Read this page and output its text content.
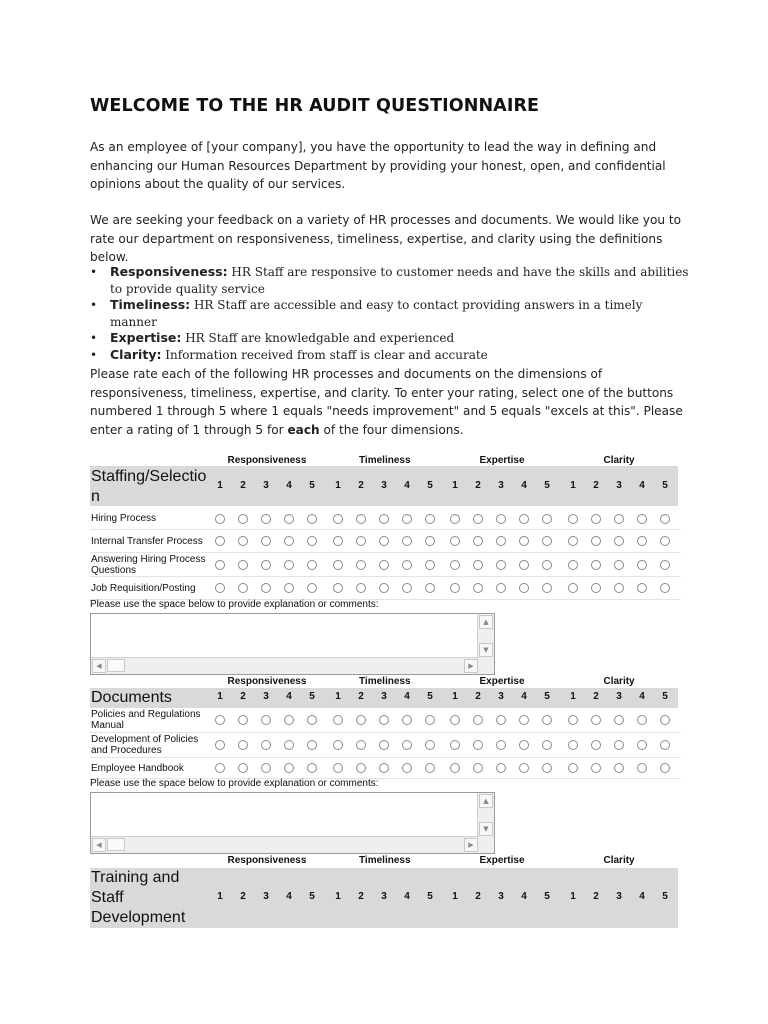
WELCOME TO THE HR AUDIT QUESTIONNAIRE

As an employee of [your company], you have the opportunity to lead the way in defining and enhancing our Human Resources Department by providing your honest, open, and confidential opinions about the quality of our services.

We are seeking your feedback on a variety of HR processes and documents. We would like you to rate our department on responsiveness, timeliness, expertise, and clarity using the definitions below.

• Responsiveness: HR Staff are responsive to customer needs and have the skills and abilities to provide quality service
• Timeliness: HR Staff are accessible and easy to contact providing answers in a timely manner
• Expertise: HR Staff are knowledgable and experienced
• Clarity: Information received from staff is clear and accurate

Please rate each of the following HR processes and documents on the dimensions of responsiveness, timeliness, expertise, and clarity. To enter your rating, select one of the buttons numbered 1 through 5 where 1 equals "needs improvement" and 5 equals "excels at this". Please enter a rating of 1 through 5 for each of the four dimensions.

Responsiveness	Timeliness	Expertise	Clarity
Staffing/Selection
1	2	3	4	5	1	2	3	4	5	1	2	3	4	5	1	2	3	4	5
Hiring Process
Internal Transfer Process
Answering Hiring Process Questions
Job Requisition/Posting
Please use the space below to provide explanation or comments:
▲
▼
◀	▶
Responsiveness	Timeliness	Expertise	Clarity
Documents	1	2	3	4	5	1	2	3	4	5	1	2	3	4	5	1	2	3	4	5
Policies and Regulations Manual
Development of Policies and Procedures
Employee Handbook
Please use the space below to provide explanation or comments:
▲
▼
◀	▶
Responsiveness	Timeliness	Expertise	Clarity
Training and Staff Development
1	2	3	4	5	1	2	3	4	5	1	2	3	4	5	1	2	3	4	5
